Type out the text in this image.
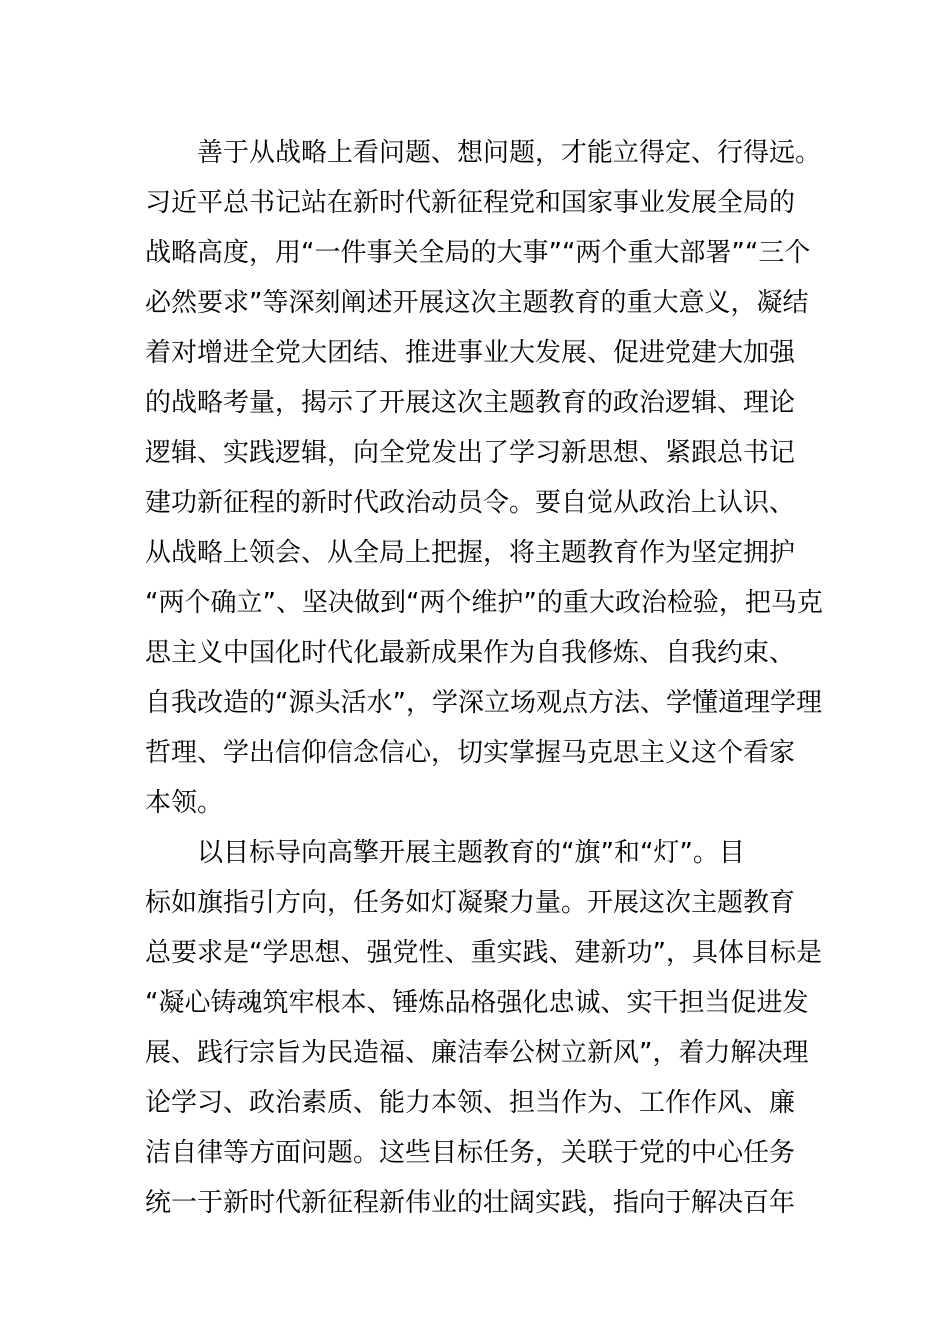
　　善于从战略上看问题、想问题，才能立得定、行得远。
习近平总书记站在新时代新征程党和国家事业发展全局的
战略高度，用“一件事关全局的大事”“两个重大部署”“三个
必然要求”等深刻阐述开展这次主题教育的重大意义，凝结
着对增进全党大团结、推进事业大发展、促进党建大加强
的战略考量，揭示了开展这次主题教育的政治逻辑、理论
逻辑、实践逻辑，向全党发出了学习新思想、紧跟总书记
建功新征程的新时代政治动员令。要自觉从政治上认识、
从战略上领会、从全局上把握，将主题教育作为坚定拥护
“两个确立”、坚决做到“两个维护”的重大政治检验，把马克
思主义中国化时代化最新成果作为自我修炼、自我约束、
自我改造的“源头活水”，学深立场观点方法、学懂道理学理
哲理、学出信仰信念信心，切实掌握马克思主义这个看家
本领。
　　以目标导向高擎开展主题教育的“旗”和“灯”。目
标如旗指引方向，任务如灯凝聚力量。开展这次主题教育
总要求是“学思想、强党性、重实践、建新功”，具体目标是
“凝心铸魂筑牢根本、锤炼品格强化忠诚、实干担当促进发
展、践行宗旨为民造福、廉洁奉公树立新风”，着力解决理
论学习、政治素质、能力本领、担当作为、工作作风、廉
洁自律等方面问题。这些目标任务，关联于党的中心任务
统一于新时代新征程新伟业的壮阔实践，指向于解决百年
